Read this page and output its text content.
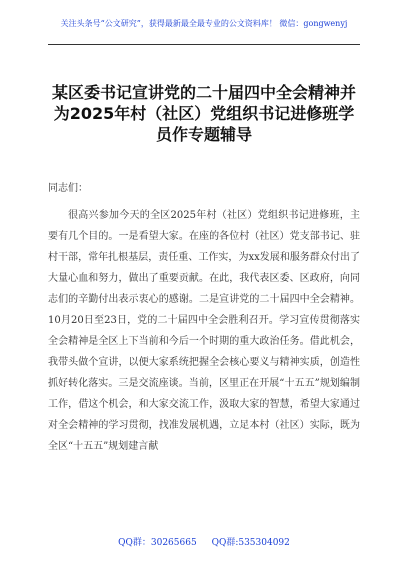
关注头条号“公文研究”，获得最新最全最专业的公文资料库！ 微信：gongwenyj
某区委书记宣讲党的二十届四中全会精神并为2025年村（社区）党组织书记进修班学员作专题辅导

同志们：

很高兴参加今天的全区2025年村（社区）党组织书记进修班，主要有几个目的。一是看望大家。在座的各位村（社区）党支部书记、驻村干部，常年扎根基层，责任重、工作实，为xx发展和服务群众付出了大量心血和努力，做出了重要贡献。在此，我代表区委、区政府，向同志们的辛勤付出表示衷心的感谢。二是宣讲党的二十届四中全会精神。10月20日至23日，党的二十届四中全会胜利召开。学习宣传贯彻落实全会精神是全区上下当前和今后一个时期的重大政治任务。借此机会，我带头做个宣讲，以便大家系统把握全会核心要义与精神实质，创造性抓好转化落实。三是交流座谈。当前，区里正在开展“十五五”规划编制工作，借这个机会，和大家交流工作，汲取大家的智慧，希望大家通过对全会精神的学习贯彻，找准发展机遇，立足本村（社区）实际，既为全区“十五五”规划建言献

QQ群：30265665 QQ群:535304092
